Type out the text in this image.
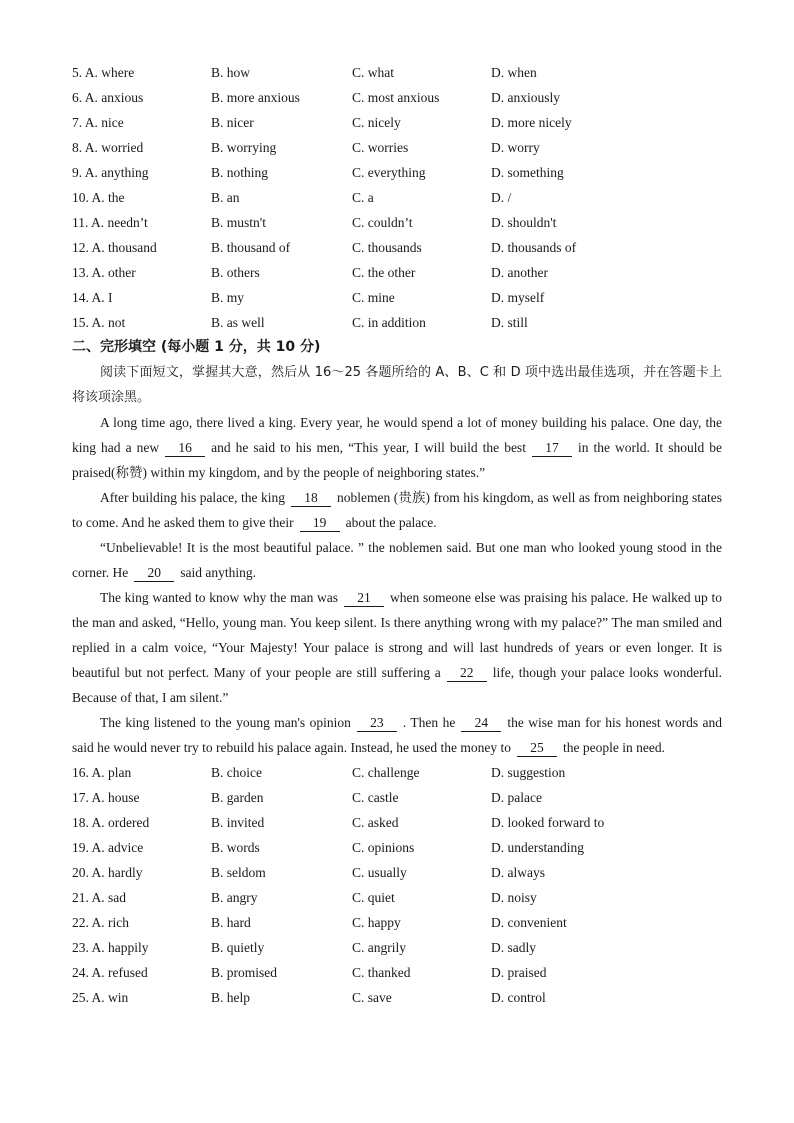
5. A. where	B. how	C. what	D. when
6. A. anxious	B. more anxious	C. most anxious	D. anxiously
7. A. nice	B. nicer	C. nicely	D. more nicely
8. A. worried	B. worrying	C. worries	D. worry
9. A. anything	B. nothing	C. everything	D. something
10. A. the	B. an	C. a	D. /
11. A. needn’t	B. mustn't	C. couldn’t	D. shouldn't
12. A. thousand	B. thousand of	C. thousands	D. thousands of
13. A. other	B. others	C. the other	D. another
14. A. I	B. my	C. mine	D. myself
15. A. not	B. as well	C. in addition	D. still
二、完形填空 (每小题 1 分，共 10 分)
阅读下面短文，掌握其大意，然后从 16～25 各题所给的 A、B、C 和 D 项中选出最佳选项，并在答题卡上将该项涂黑。

A long time ago, there lived a king. Every year, he would spend a lot of money building his palace. One day, the king had a new 16 and he said to his men, “This year, I will build the best 17 in the world. It should be praised(称赞) within my kingdom, and by the people of neighboring states.”

After building his palace, the king 18 noblemen (贵族) from his kingdom, as well as from neighboring states to come. And he asked them to give their 19 about the palace.

“Unbelievable! It is the most beautiful palace. ” the noblemen said. But one man who looked young stood in the corner. He 20 said anything.

The king wanted to know why the man was 21 when someone else was praising his palace. He walked up to the man and asked, “Hello, young man. You keep silent. Is there anything wrong with my palace?” The man smiled and replied in a calm voice, “Your Majesty! Your palace is strong and will last hundreds of years or even longer. It is beautiful but not perfect. Many of your people are still suffering a 22 life, though your palace looks wonderful. Because of that, I am silent.”

The king listened to the young man's opinion 23 . Then he 24 the wise man for his honest words and said he would never try to rebuild his palace again. Instead, he used the money to 25 the people in need.

16. A. plan	B. choice	C. challenge	D. suggestion
17. A. house	B. garden	C. castle	D. palace
18. A. ordered	B. invited	C. asked	D. looked forward to
19. A. advice	B. words	C. opinions	D. understanding
20. A. hardly	B. seldom	C. usually	D. always
21. A. sad	B. angry	C. quiet	D. noisy
22. A. rich	B. hard	C. happy	D. convenient
23. A. happily	B. quietly	C. angrily	D. sadly
24. A. refused	B. promised	C. thanked	D. praised
25. A. win	B. help	C. save	D. control
